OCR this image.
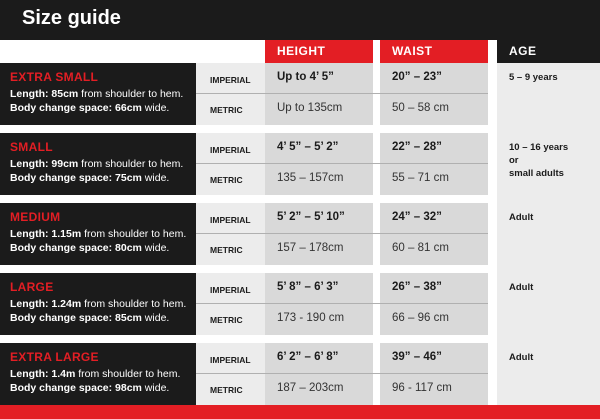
Size guide
HEIGHT	WAIST	AGE
EXTRA SMALL
Length: 85cm from shoulder to hem.
Body change space: 66cm wide.
IMPERIAL
METRIC
Up to 4’ 5”
Up to 135cm
20” – 23”
50 – 58 cm
5 – 9 years
SMALL
Length: 99cm from shoulder to hem.
Body change space: 75cm wide.
IMPERIAL
METRIC
4’ 5” – 5’ 2”
135 – 157cm
22” – 28”
55 – 71 cm
10 – 16 years
or
small adults
MEDIUM
Length: 1.15m from shoulder to hem.
Body change space: 80cm wide.
IMPERIAL
METRIC
5’ 2” – 5’ 10”
157 – 178cm
24” – 32”
60 – 81 cm
Adult
LARGE
Length: 1.24m from shoulder to hem.
Body change space: 85cm wide.
IMPERIAL
METRIC
5’ 8” – 6’ 3”
173 - 190 cm
26” – 38”
66 – 96 cm
Adult
EXTRA LARGE
Length: 1.4m from shoulder to hem.
Body change space: 98cm wide.
IMPERIAL
METRIC
6’ 2” – 6’ 8”
187 – 203cm
39” – 46”
96 - 117 cm
Adult
